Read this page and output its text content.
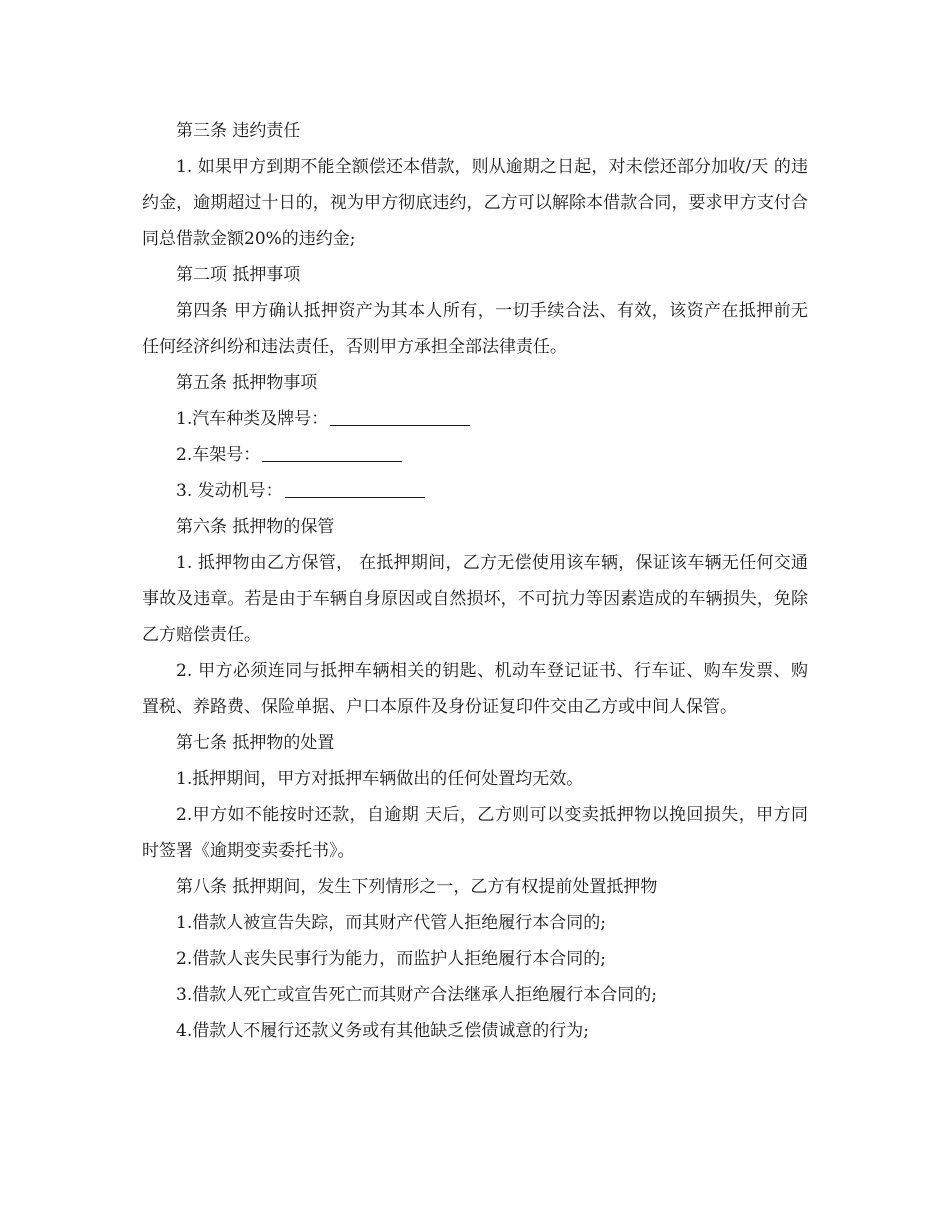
第三条 违约责任

1. 如果甲方到期不能全额偿还本借款，则从逾期之日起，对未偿还部分加收/天 的违约金，逾期超过十日的，视为甲方彻底违约，乙方可以解除本借款合同，要求甲方支付合同总借款金额20%的违约金;

第二项 抵押事项

第四条 甲方确认抵押资产为其本人所有，一切手续合法、有效，该资产在抵押前无任何经济纠纷和违法责任，否则甲方承担全部法律责任。

第五条 抵押物事项

1.汽车种类及牌号：

2.车架号：

3. 发动机号：

第六条 抵押物的保管

1. 抵押物由乙方保管， 在抵押期间，乙方无偿使用该车辆，保证该车辆无任何交通事故及违章。若是由于车辆自身原因或自然损坏，不可抗力等因素造成的车辆损失，免除乙方赔偿责任。

2. 甲方必须连同与抵押车辆相关的钥匙、机动车登记证书、行车证、购车发票、购置税、养路费、保险单据、户口本原件及身份证复印件交由乙方或中间人保管。

第七条 抵押物的处置

1.抵押期间，甲方对抵押车辆做出的任何处置均无效。

2.甲方如不能按时还款，自逾期 天后，乙方则可以变卖抵押物以挽回损失，甲方同时签署《逾期变卖委托书》。

第八条 抵押期间，发生下列情形之一，乙方有权提前处置抵押物

1.借款人被宣告失踪，而其财产代管人拒绝履行本合同的;

2.借款人丧失民事行为能力，而监护人拒绝履行本合同的;

3.借款人死亡或宣告死亡而其财产合法继承人拒绝履行本合同的;

4.借款人不履行还款义务或有其他缺乏偿债诚意的行为;
